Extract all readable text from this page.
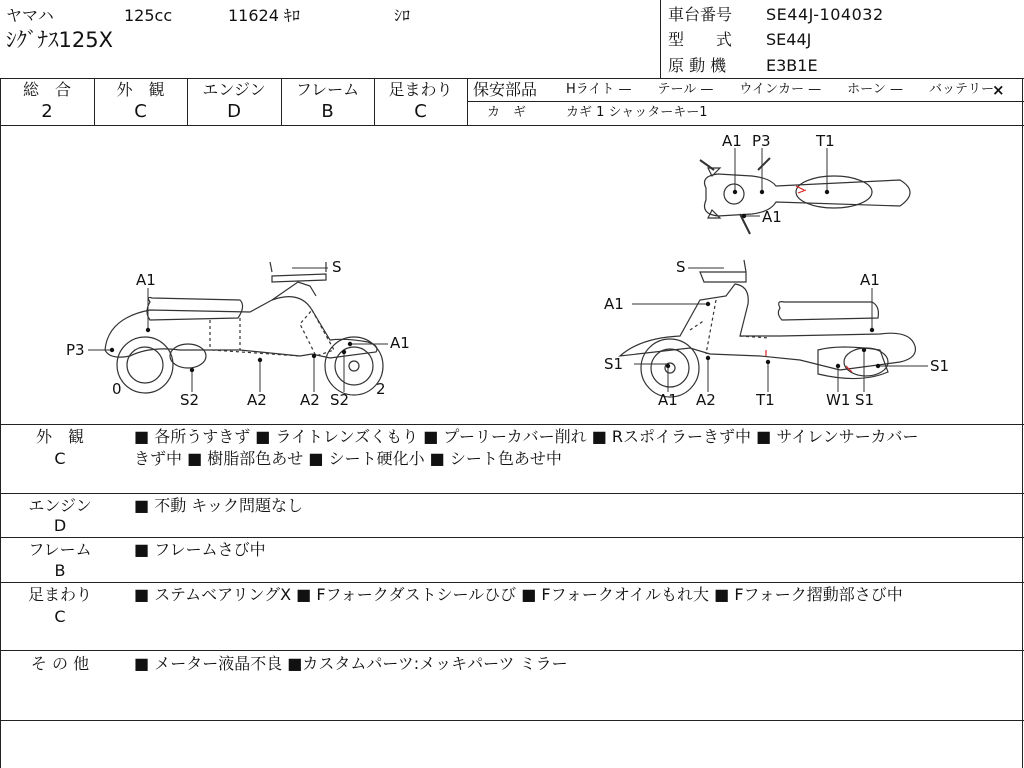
ヤマハ	125cc	11624 ｷﾛ	ｼﾛ
ｼｸﾞﾅｽ125X
車台番号 SE44J-104032
型　　式 SE44J
原 動 機 E3B1E
総　合	外　観	エンジン	フレーム	足まわり
2	C	D	B	C
保安部品 Hライト —　　テール —　　ウインカー —　　ホーン —　　バッテリー
×
カ　ギ	カギ 1 シャッターキー1
A1
P3
0
S2	A2 A2 S2
2
A1
S
A1 P3	T1
A1
S
A1
S1
A1 A2	T1	W1 S1
S1
A1
外　観
C
■ 各所うすきず ■ ライトレンズくもり ■ プーリーカバー削れ ■ Rスポイラーきず中 ■ サイレンサーカバー
きず中 ■ 樹脂部色あせ ■ シート硬化小 ■ シート色あせ中
エンジン
D
■ 不動 キック問題なし
フレーム
B
■ フレームさび中
足まわり
C
■ ステムベアリングX ■ Fフォークダストシールひび ■ Fフォークオイルもれ大 ■ Fフォーク摺動部さび中
そ の 他	■ メーター液晶不良 ■カスタムパーツ:メッキパーツ ミラー
